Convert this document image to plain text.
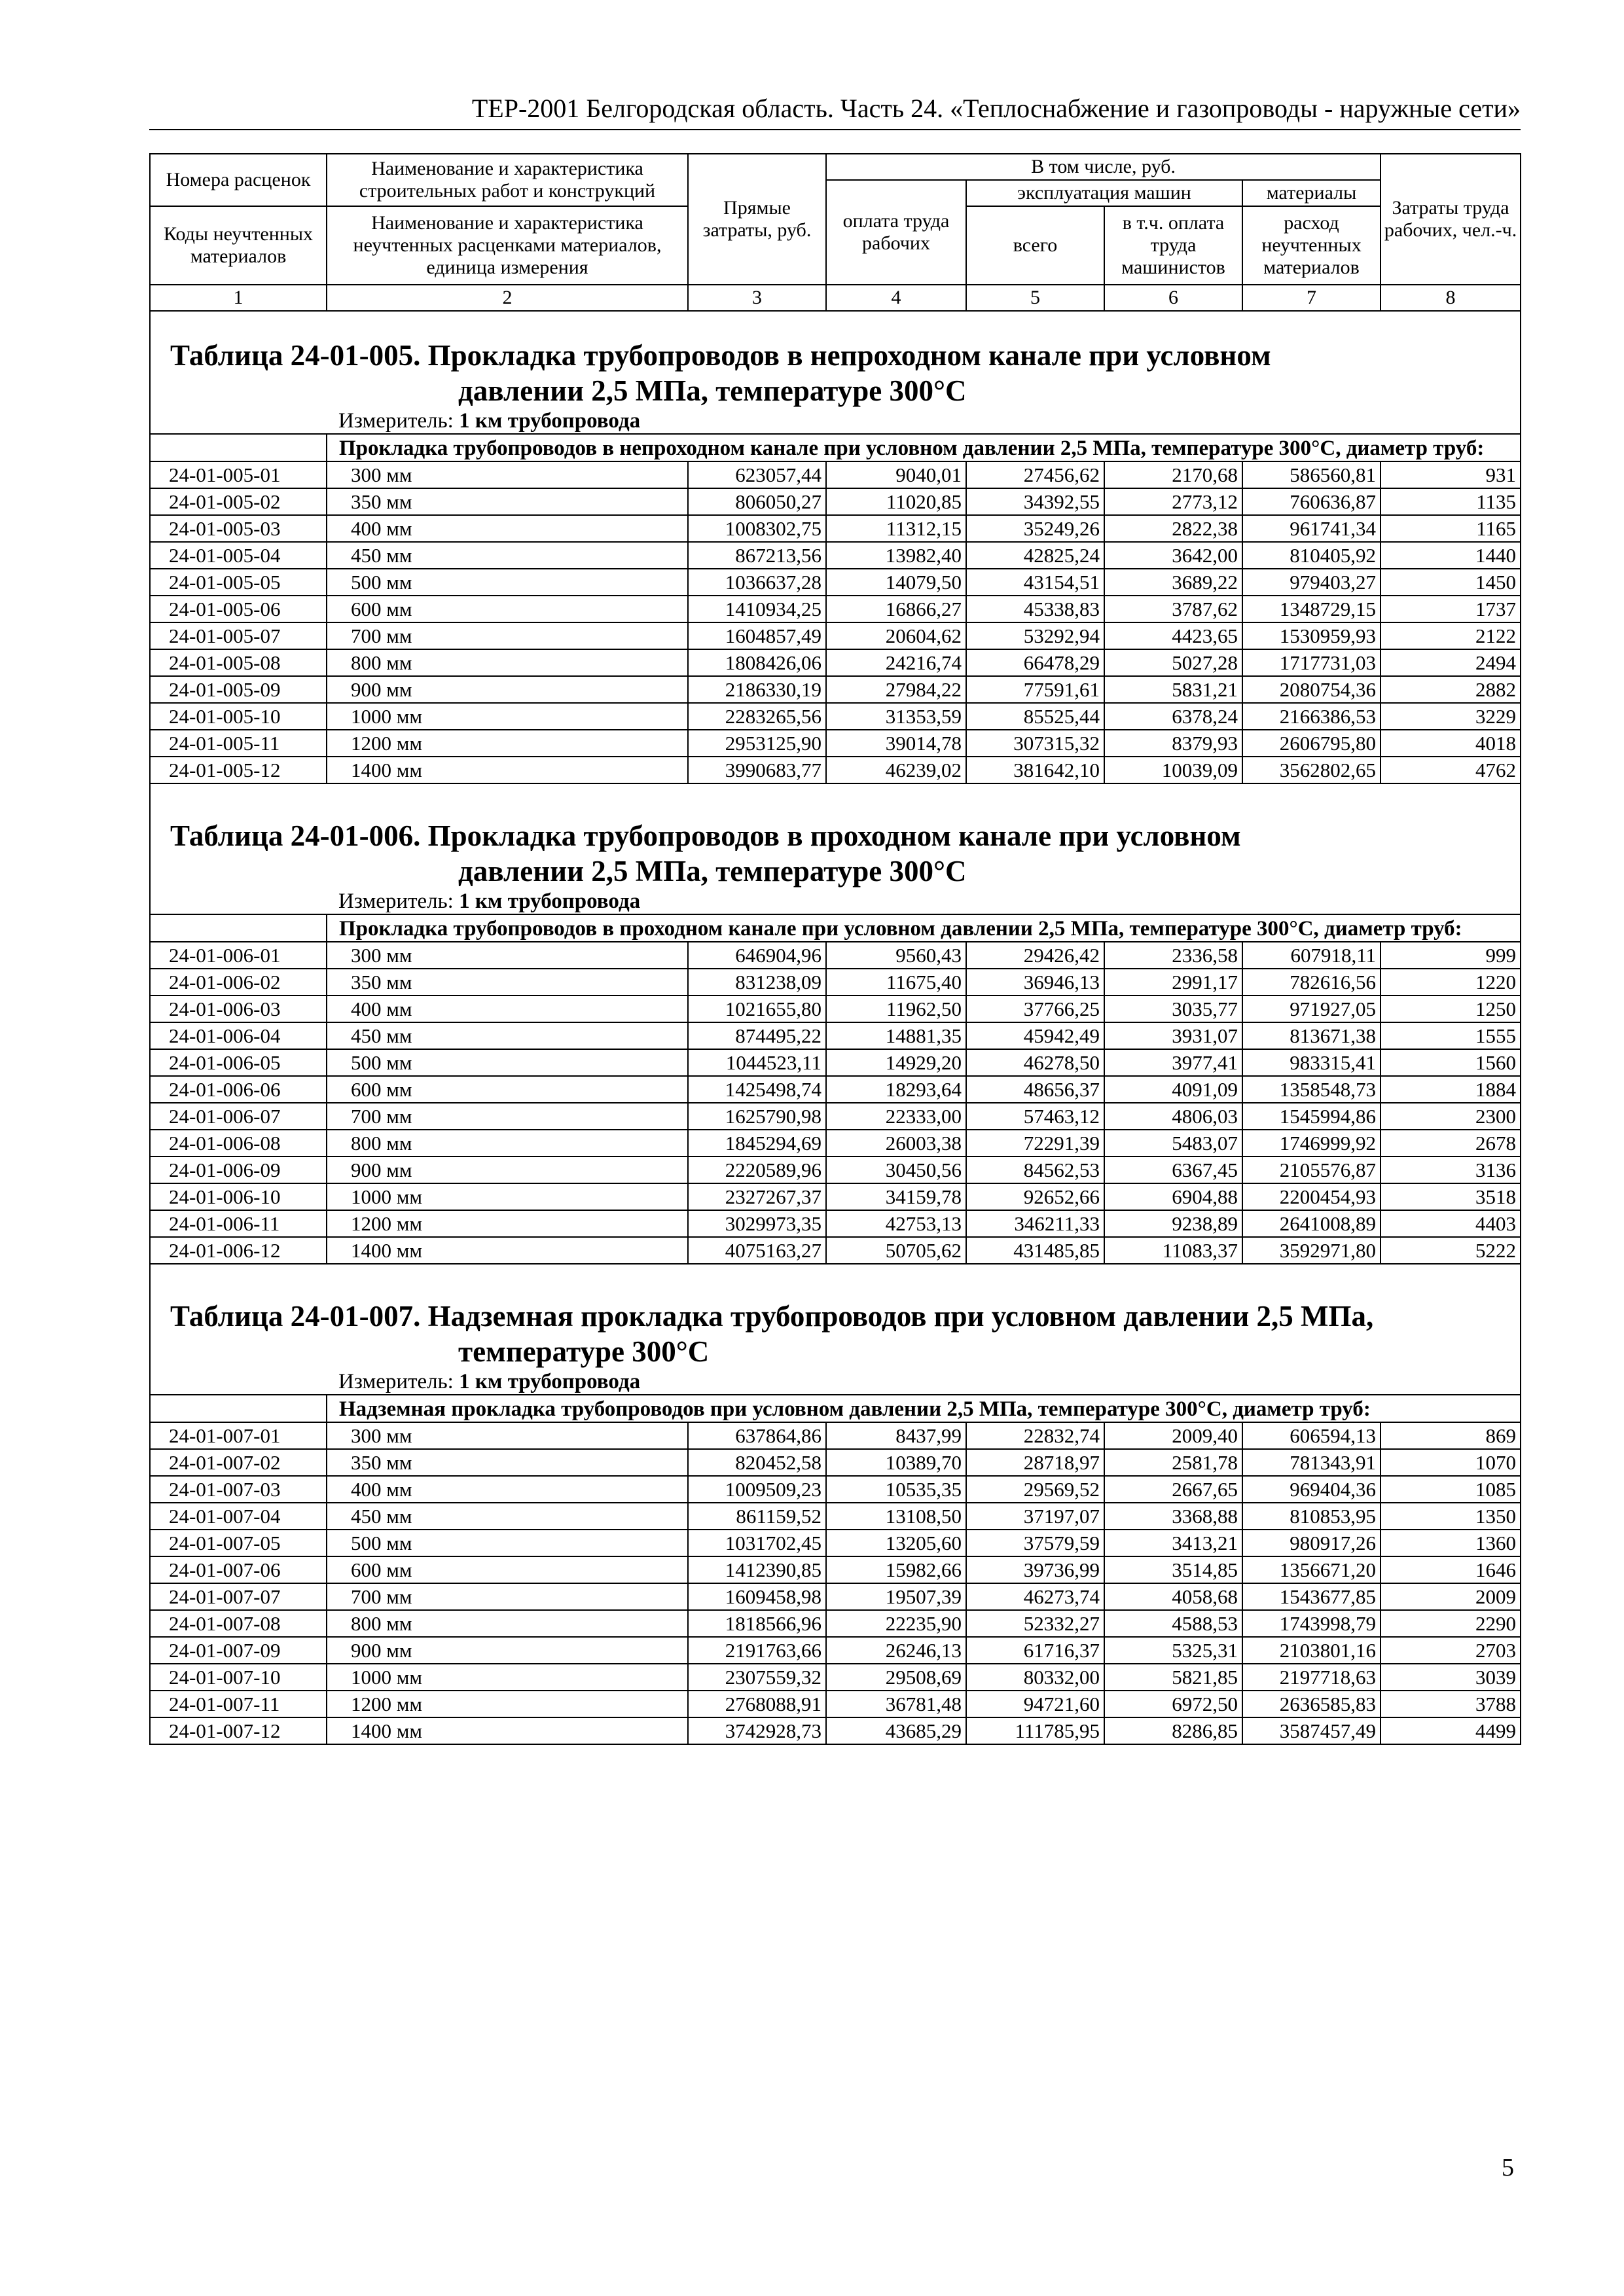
ТЕР-2001 Белгородская область. Часть 24. «Теплоснабжение и газопроводы - наружные сети»
Номера расценок	Наименование и характеристика строительных работ и конструкций	Прямые затраты, руб.	В том числе, руб.				Затраты труда рабочих, чел.-ч.
			оплата труда рабочих	эксплуатация машин		материалы	
Коды неучтенных материалов	Наименование и характеристика неучтенных расценками материалов, единица измерения			всего	в т.ч. оплата труда машинистов	расход неучтенных материалов	

1	2	3	4	5	6	7	8

Таблица 24-01-005. Прокладка трубопроводов в непроходном канале при условном
давлении 2,5 МПа, температуре 300°С							

	Измеритель: 1 км трубопровода						
	Прокладка трубопроводов в непроходном канале при условном давлении 2,5 МПа, температуре 300°С, диаметр труб:						
24-01-005-01	300 мм	623057,44	9040,01	27456,62	2170,68	586560,81	931
24-01-005-02	350 мм	806050,27	11020,85	34392,55	2773,12	760636,87	1135
24-01-005-03	400 мм	1008302,75	11312,15	35249,26	2822,38	961741,34	1165
24-01-005-04	450 мм	867213,56	13982,40	42825,24	3642,00	810405,92	1440
24-01-005-05	500 мм	1036637,28	14079,50	43154,51	3689,22	979403,27	1450
24-01-005-06	600 мм	1410934,25	16866,27	45338,83	3787,62	1348729,15	1737
24-01-005-07	700 мм	1604857,49	20604,62	53292,94	4423,65	1530959,93	2122
24-01-005-08	800 мм	1808426,06	24216,74	66478,29	5027,28	1717731,03	2494
24-01-005-09	900 мм	2186330,19	27984,22	77591,61	5831,21	2080754,36	2882
24-01-005-10	1000 мм	2283265,56	31353,59	85525,44	6378,24	2166386,53	3229
24-01-005-11	1200 мм	2953125,90	39014,78	307315,32	8379,93	2606795,80	4018
24-01-005-12	1400 мм	3990683,77	46239,02	381642,10	10039,09	3562802,65	4762

Таблица 24-01-006. Прокладка трубопроводов в проходном канале при условном
давлении 2,5 МПа, температуре 300°С							

	Измеритель: 1 км трубопровода						
	Прокладка трубопроводов в проходном канале при условном давлении 2,5 МПа, температуре 300°С, диаметр труб:						
24-01-006-01	300 мм	646904,96	9560,43	29426,42	2336,58	607918,11	999
24-01-006-02	350 мм	831238,09	11675,40	36946,13	2991,17	782616,56	1220
24-01-006-03	400 мм	1021655,80	11962,50	37766,25	3035,77	971927,05	1250
24-01-006-04	450 мм	874495,22	14881,35	45942,49	3931,07	813671,38	1555
24-01-006-05	500 мм	1044523,11	14929,20	46278,50	3977,41	983315,41	1560
24-01-006-06	600 мм	1425498,74	18293,64	48656,37	4091,09	1358548,73	1884
24-01-006-07	700 мм	1625790,98	22333,00	57463,12	4806,03	1545994,86	2300
24-01-006-08	800 мм	1845294,69	26003,38	72291,39	5483,07	1746999,92	2678
24-01-006-09	900 мм	2220589,96	30450,56	84562,53	6367,45	2105576,87	3136
24-01-006-10	1000 мм	2327267,37	34159,78	92652,66	6904,88	2200454,93	3518
24-01-006-11	1200 мм	3029973,35	42753,13	346211,33	9238,89	2641008,89	4403
24-01-006-12	1400 мм	4075163,27	50705,62	431485,85	11083,37	3592971,80	5222

Таблица 24-01-007. Надземная прокладка трубопроводов при условном давлении 2,5 МПа,
температуре 300°С							

	Измеритель: 1 км трубопровода						
	Надземная прокладка трубопроводов при условном давлении 2,5 МПа, температуре 300°С, диаметр труб:						
24-01-007-01	300 мм	637864,86	8437,99	22832,74	2009,40	606594,13	869
24-01-007-02	350 мм	820452,58	10389,70	28718,97	2581,78	781343,91	1070
24-01-007-03	400 мм	1009509,23	10535,35	29569,52	2667,65	969404,36	1085
24-01-007-04	450 мм	861159,52	13108,50	37197,07	3368,88	810853,95	1350
24-01-007-05	500 мм	1031702,45	13205,60	37579,59	3413,21	980917,26	1360
24-01-007-06	600 мм	1412390,85	15982,66	39736,99	3514,85	1356671,20	1646
24-01-007-07	700 мм	1609458,98	19507,39	46273,74	4058,68	1543677,85	2009
24-01-007-08	800 мм	1818566,96	22235,90	52332,27	4588,53	1743998,79	2290
24-01-007-09	900 мм	2191763,66	26246,13	61716,37	5325,31	2103801,16	2703
24-01-007-10	1000 мм	2307559,32	29508,69	80332,00	5821,85	2197718,63	3039
24-01-007-11	1200 мм	2768088,91	36781,48	94721,60	6972,50	2636585,83	3788
24-01-007-12	1400 мм	3742928,73	43685,29	111785,95	8286,85	3587457,49	4499
5
